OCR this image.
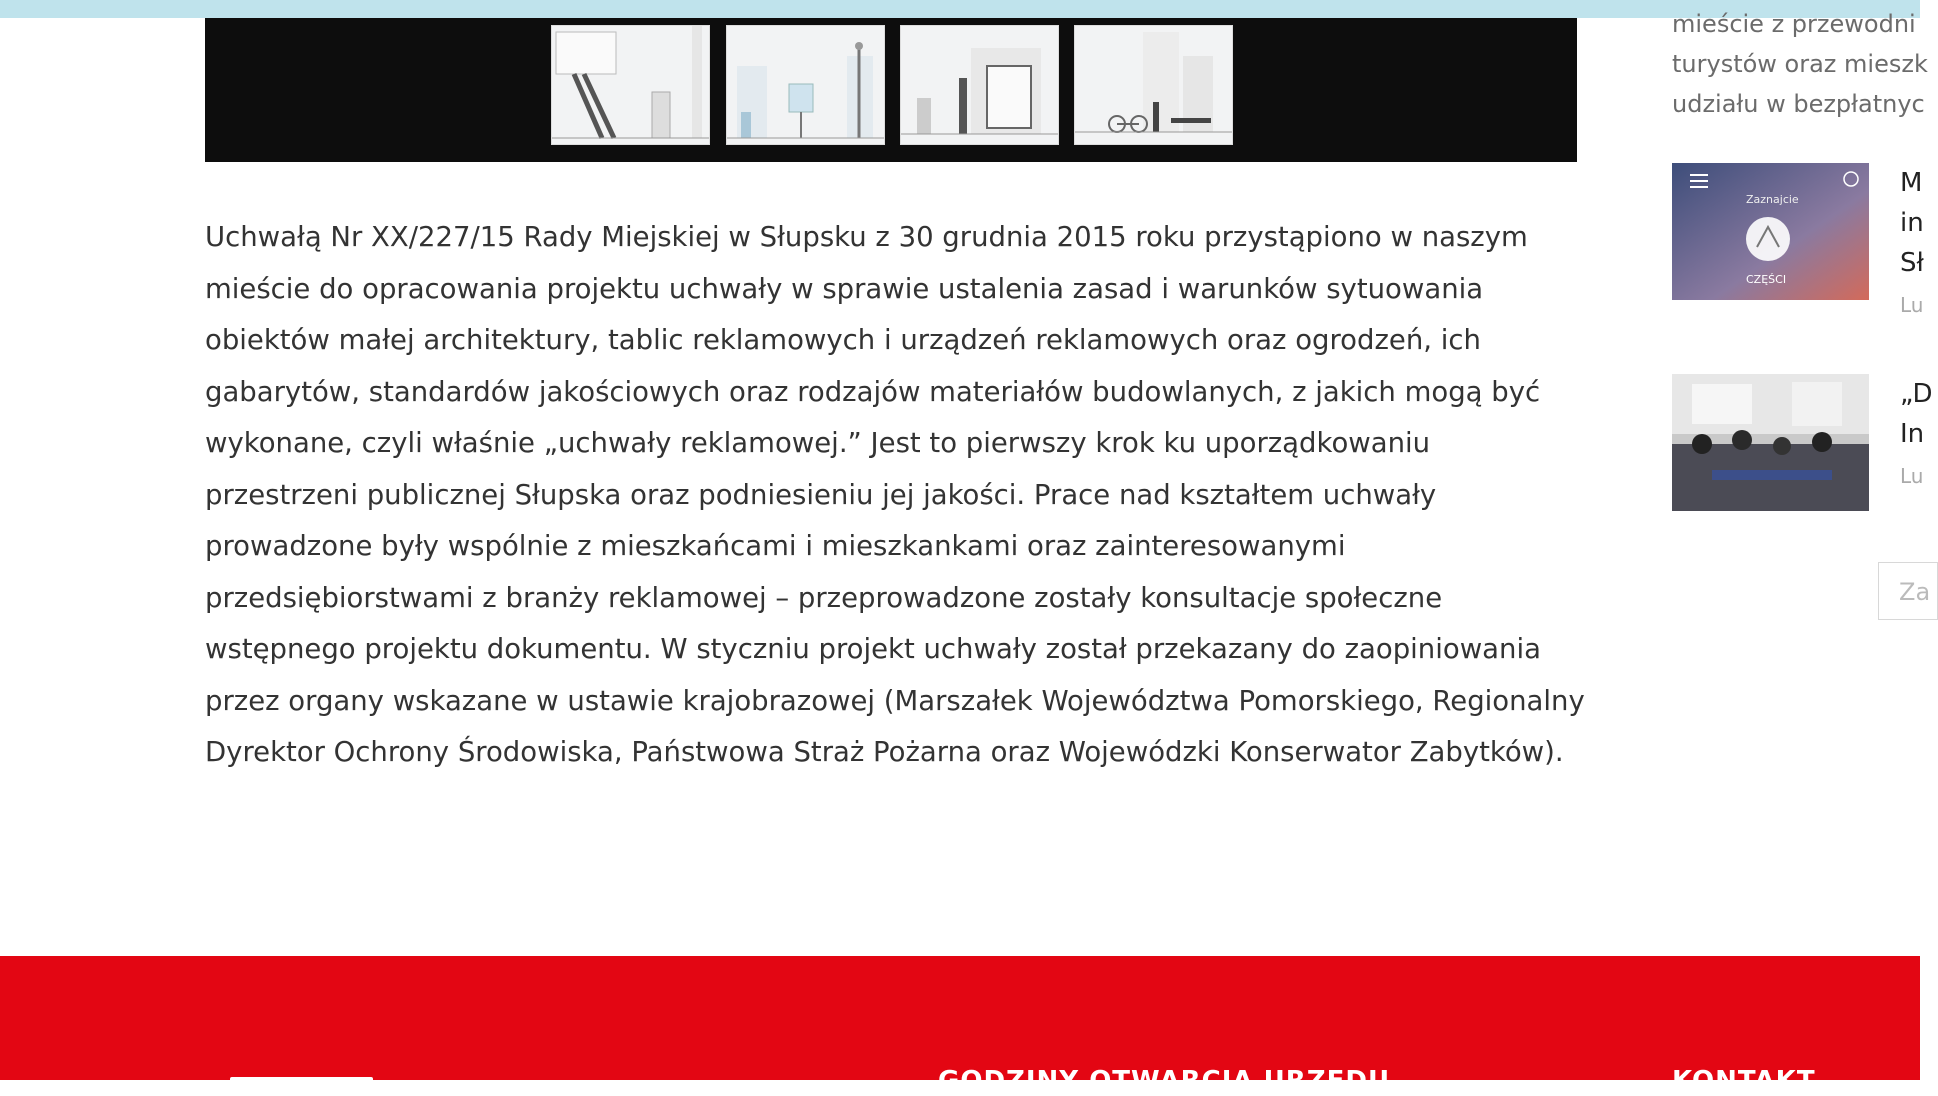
Uchwałą Nr XX/227/15 Rady Miejskiej w Słupsku z 30 grudnia 2015 roku przystąpiono w naszym mieście do opracowania projektu uchwały w sprawie ustalenia zasad i warunków sytuowania obiektów małej architektury, tablic reklamowych i urządzeń reklamowych oraz ogrodzeń, ich gabarytów, standardów jakościowych oraz rodzajów materiałów budowlanych, z jakich mogą być wykonane, czyli właśnie „uchwały reklamowej.” Jest to pierwszy krok ku uporządkowaniu przestrzeni publicznej Słupska oraz podniesieniu jej jakości. Prace nad kształtem uchwały prowadzone były wspólnie z mieszkańcami i mieszkankami oraz zainteresowanymi przedsiębiorstwami z branży reklamowej – przeprowadzone zostały konsultacje społeczne wstępnego projektu dokumentu. W styczniu projekt uchwały został przekazany do zaopiniowania przez organy wskazane w ustawie krajobrazowej (Marszałek Województwa Pomorskiego, Regionalny Dyrektor Ochrony Środowiska, Państwowa Straż Pożarna oraz Wojewódzki Konserwator Zabytków).

mieście z przewodni
turystów oraz mieszk
udziału w bezpłatnyc
Zaznajcie
CZĘŚCI
M
in
Sł
Lu
„D
In
Lu
Za
GODZINY OTWARCIA URZĘDU	KONTAKT
